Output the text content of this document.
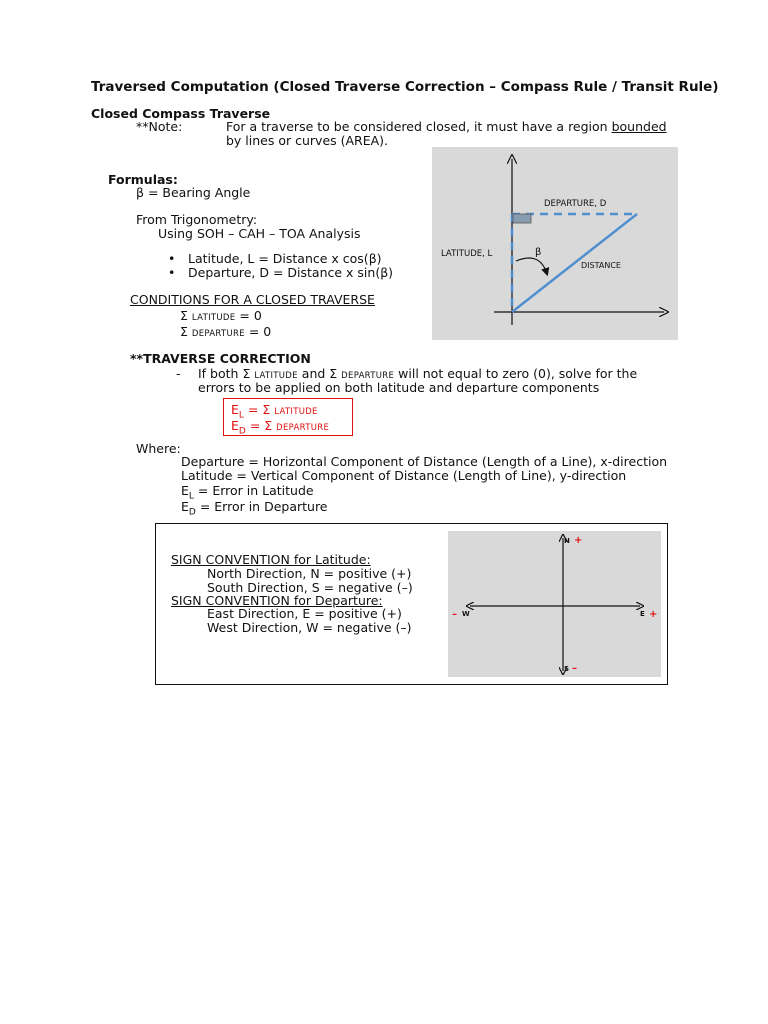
Traversed Computation (Closed Traverse Correction – Compass Rule / Transit Rule)
Closed Compass Traverse
**Note:	For a traverse to be considered closed, it must have a region bounded
by lines or curves (AREA).
Formulas:
β = Bearing Angle
From Trigonometry:
Using SOH – CAH – TOA Analysis
• Latitude, L = Distance x cos(β)
• Departure, D = Distance x sin(β)
CONDITIONS FOR A CLOSED TRAVERSE
Σ LATITUDE = 0
Σ DEPARTURE = 0
**TRAVERSE CORRECTION
- If both Σ LATITUDE and Σ DEPARTURE will not equal to zero (0), solve for the
errors to be applied on both latitude and departure components
$E_L = \Sigma$ LATITUDE
$E_D = \Sigma$ DEPARTURE
Where:
Departure = Horizontal Component of Distance (Length of a Line), x-direction
Latitude = Vertical Component of Distance (Length of Line), y-direction
$E_L$ = Error in Latitude
$E_D$ = Error in Departure
DEPARTURE, D
LATITUDE, L	β
DISTANCE
SIGN CONVENTION for Latitude:
North Direction, N = positive (+)
South Direction, S = negative (–)
SIGN CONVENTION for Departure:
East Direction, E = positive (+)
West Direction, W = negative (–)
N +
S –
E +
– W
